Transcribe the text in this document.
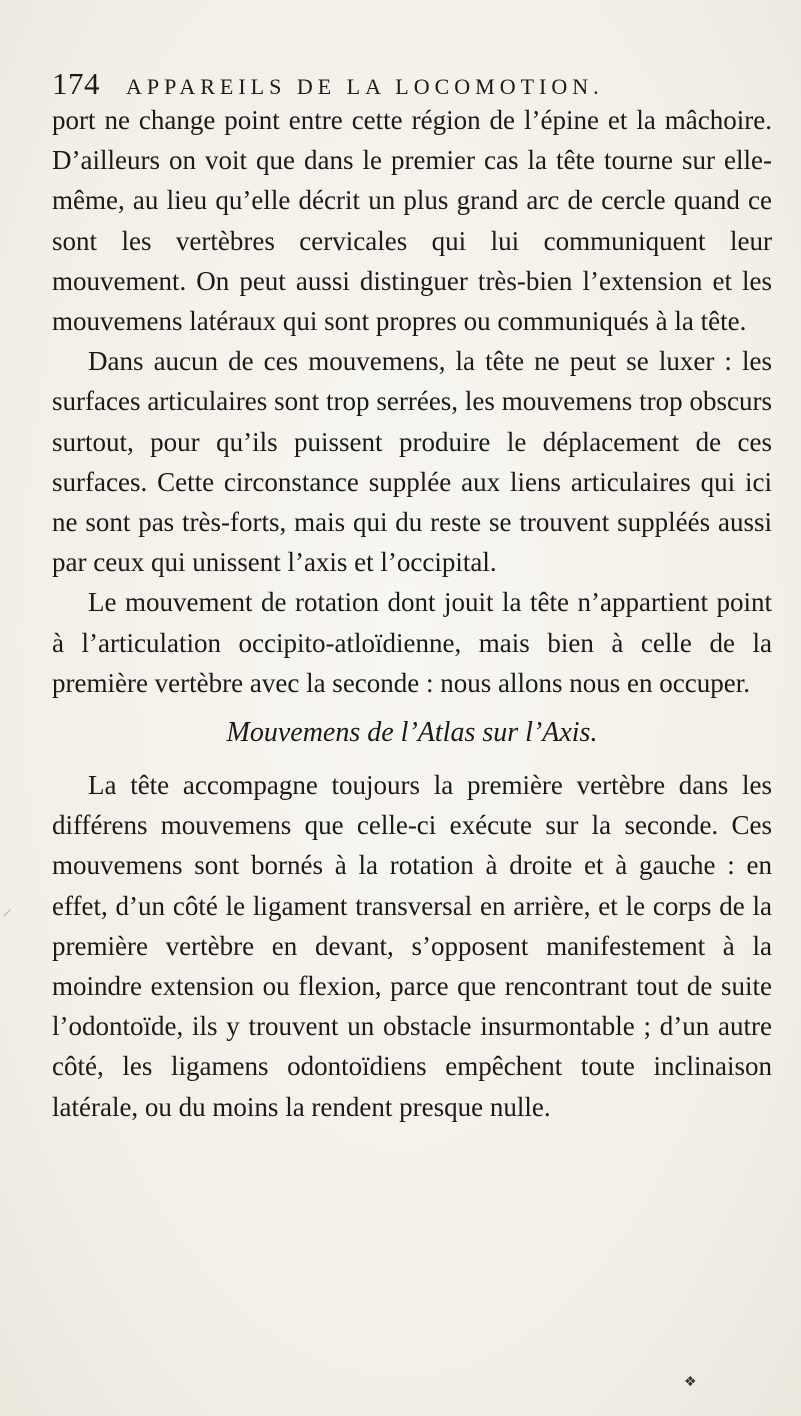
174 APPAREILS DE LA LOCOMOTION.
⸝

port ne change point entre cette région de l’épine et la mâchoire. D’ailleurs on voit que dans le premier cas la tête tourne sur elle-même, au lieu qu’elle décrit un plus grand arc de cercle quand ce sont les vertèbres cervicales qui lui communiquent leur mouvement. On peut aussi distinguer très-bien l’extension et les mouvemens latéraux qui sont propres ou communiqués à la tête.

Dans aucun de ces mouvemens, la tête ne peut se luxer : les surfaces articulaires sont trop serrées, les mouvemens trop obscurs surtout, pour qu’ils puissent produire le déplacement de ces surfaces. Cette circonstance supplée aux liens articulaires qui ici ne sont pas très-forts, mais qui du reste se trouvent suppléés aussi par ceux qui unissent l’axis et l’occipital.

Le mouvement de rotation dont jouit la tête n’appartient point à l’articulation occipito-atloïdienne, mais bien à celle de la première vertèbre avec la seconde : nous allons nous en occuper.

Mouvemens de l’Atlas sur l’Axis.

La tête accompagne toujours la première vertèbre dans les différens mouvemens que celle-ci exécute sur la seconde. Ces mouvemens sont bornés à la rotation à droite et à gauche : en effet, d’un côté le ligament transversal en arrière, et le corps de la première vertèbre en devant, s’opposent manifestement à la moindre extension ou flexion, parce que rencontrant tout de suite l’odontoïde, ils y trouvent un obstacle insurmontable ; d’un autre côté, les ligamens odontoïdiens empêchent toute inclinaison latérale, ou du moins la rendent presque nulle.

❖
